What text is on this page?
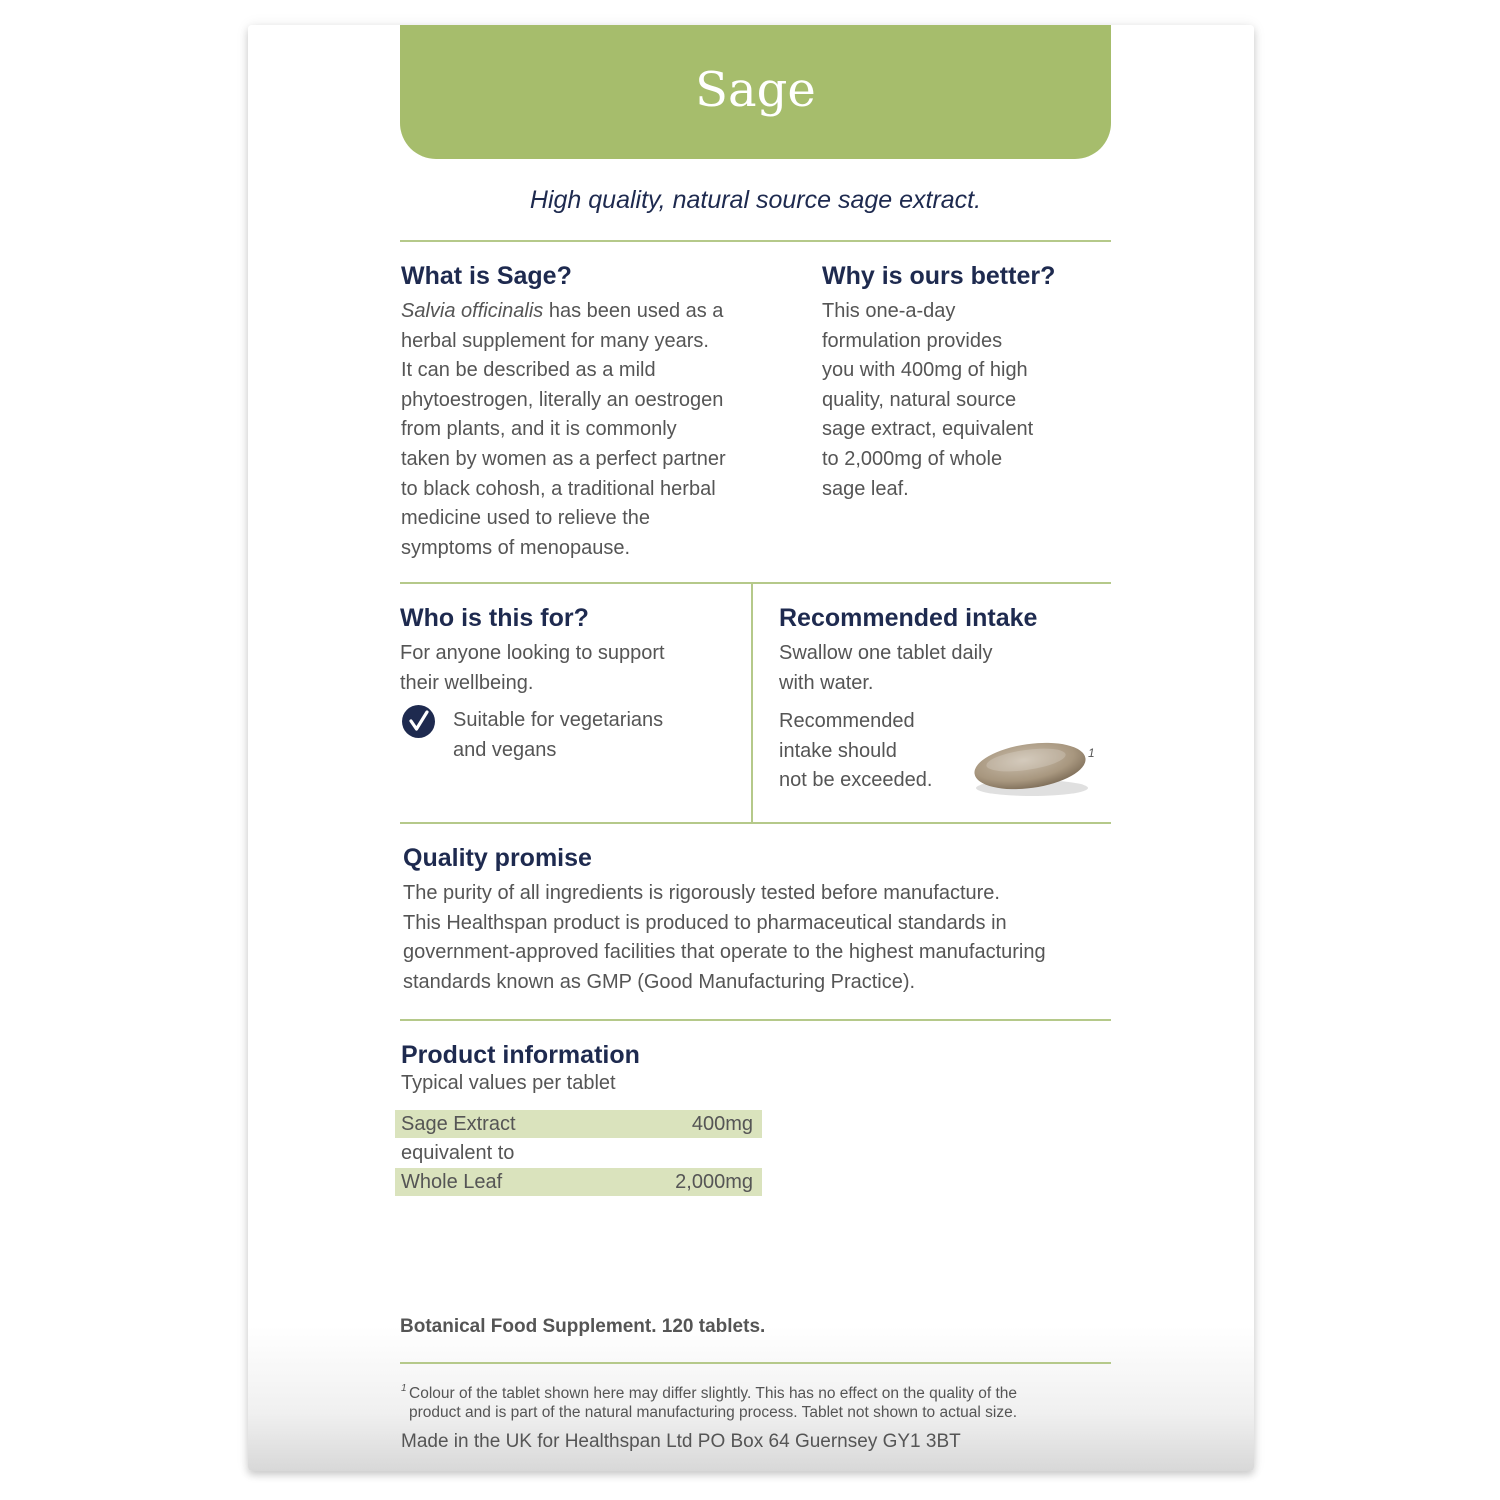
Sage
High quality, natural source sage extract.
What is Sage?
Salvia officinalis has been used as a
herbal supplement for many years.
It can be described as a mild
phytoestrogen, literally an oestrogen
from plants, and it is commonly
taken by women as a perfect partner
to black cohosh, a traditional herbal
medicine used to relieve the
symptoms of menopause.
Why is ours better?
This one-a-day
formulation provides
you with 400mg of high
quality, natural source
sage extract, equivalent
to 2,000mg of whole
sage leaf.
Who is this for?
For anyone looking to support
their wellbeing.
Suitable for vegetarians
and vegans
Recommended intake
Swallow one tablet daily
with water.
Recommended
intake should
not be exceeded.
1
Quality promise
The purity of all ingredients is rigorously tested before manufacture.
This Healthspan product is produced to pharmaceutical standards in
government-approved facilities that operate to the highest manufacturing
standards known as GMP (Good Manufacturing Practice).
Product information
Typical values per tablet
Sage Extract	400mg
equivalent to
Whole Leaf	2,000mg
Botanical Food Supplement. 120 tablets.
1 Colour of the tablet shown here may differ slightly. This has no effect on the quality of the
product and is part of the natural manufacturing process. Tablet not shown to actual size.
Made in the UK for Healthspan Ltd PO Box 64 Guernsey GY1 3BT
